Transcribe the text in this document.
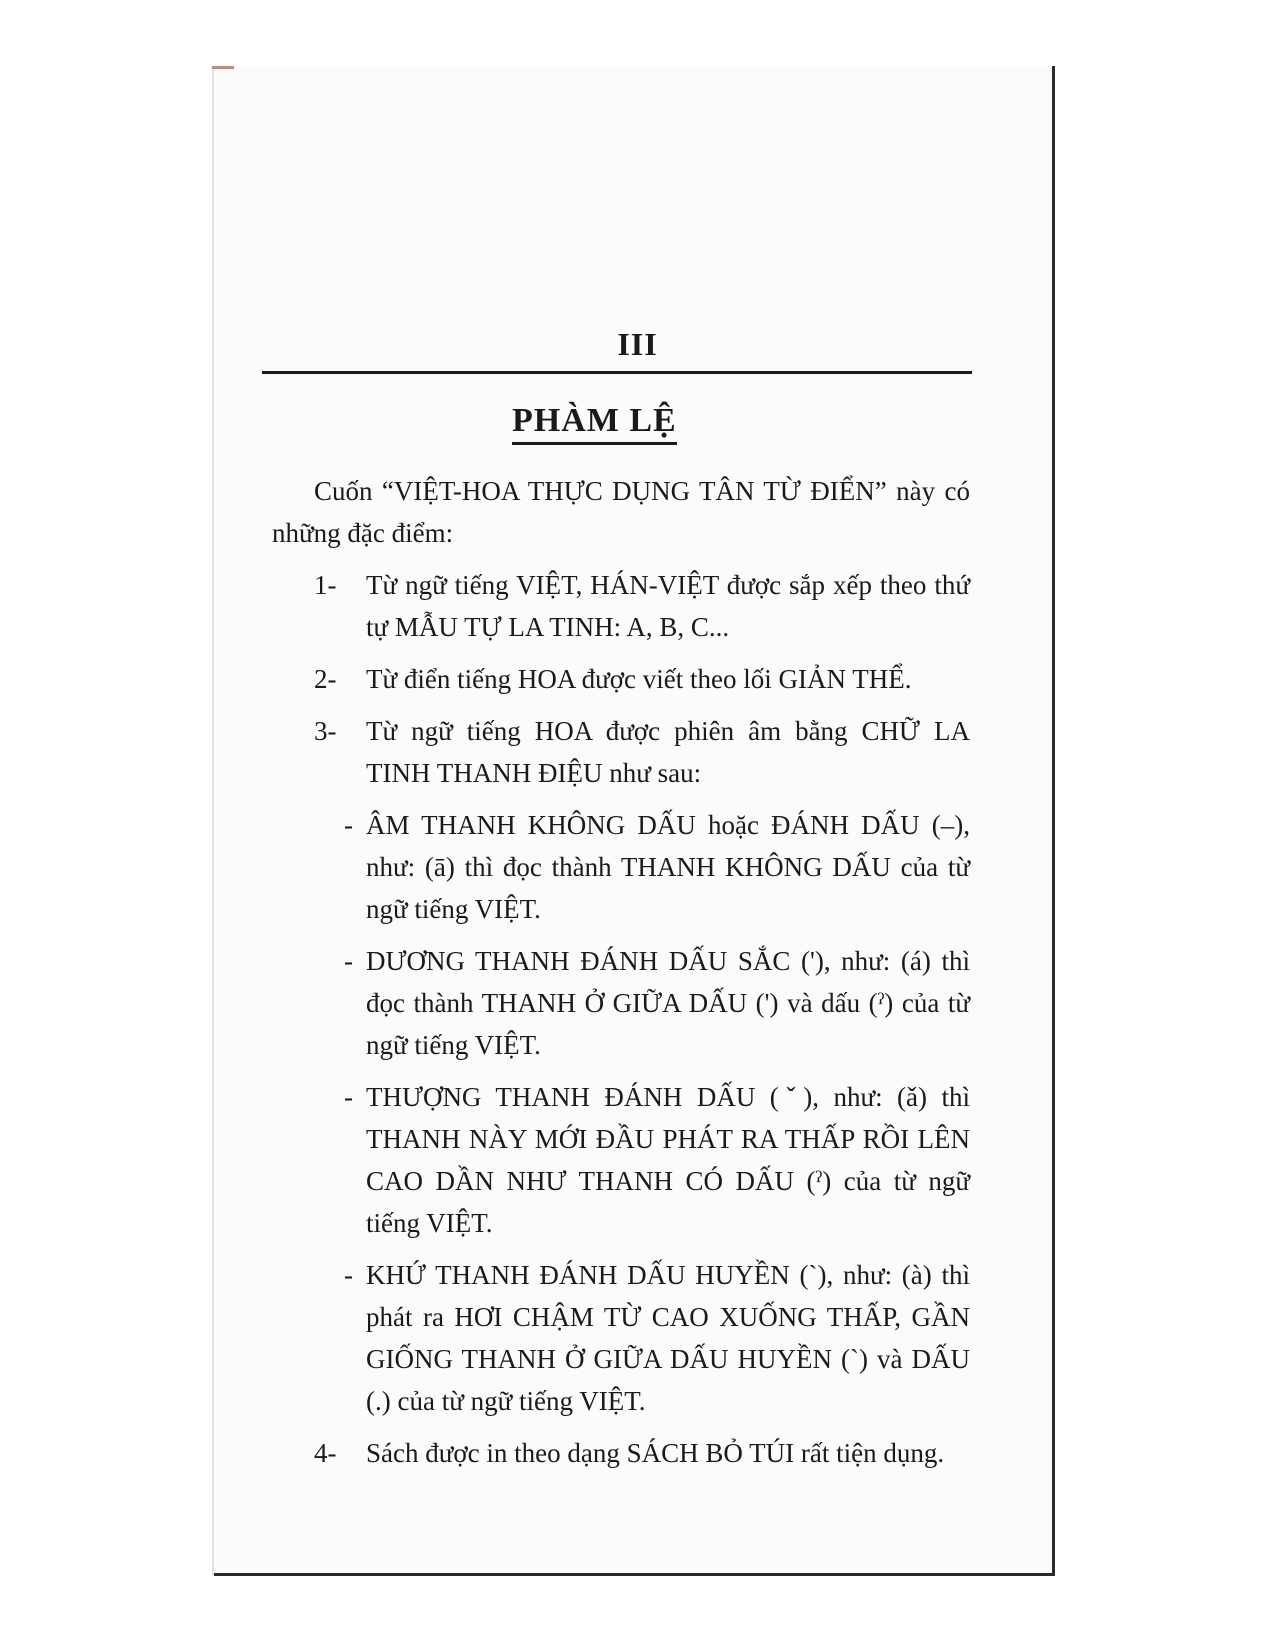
III
PHÀM LỆ

Cuốn “VIỆT-HOA THỰC DỤNG TÂN TỪ ĐIỂN” này có những đặc điểm:

1-	Từ ngữ tiếng VIỆT, HÁN-VIỆT được sắp xếp theo thứ tự MẪU TỰ LA TINH: A, B, C...
2-	Từ điển tiếng HOA được viết theo lối GIẢN THỂ.
3-	Từ ngữ tiếng HOA được phiên âm bằng CHỮ LA TINH THANH ĐIỆU như sau:
- ÂM THANH KHÔNG DẤU hoặc ĐÁNH DẤU (–), như: (ā) thì đọc thành THANH KHÔNG DẤU của từ ngữ tiếng VIỆT.
- DƯƠNG THANH ĐÁNH DẤU SẮC ('), như: (á) thì đọc thành THANH Ở GIỮA DẤU (') và dấu (ˀ) của từ ngữ tiếng VIỆT.
- THƯỢNG THANH ĐÁNH DẤU (ˇ), như: (ǎ) thì THANH NÀY MỚI ĐẦU PHÁT RA THẤP RỒI LÊN CAO DẦN NHƯ THANH CÓ DẤU (ˀ) của từ ngữ tiếng VIỆT.
- KHỨ THANH ĐÁNH DẤU HUYỀN (`), như: (à) thì phát ra HƠI CHẬM TỪ CAO XUỐNG THẤP, GẦN GIỐNG THANH Ở GIỮA DẤU HUYỀN (`) và DẤU (.) của từ ngữ tiếng VIỆT.
4-	Sách được in theo dạng SÁCH BỎ TÚI rất tiện dụng.
